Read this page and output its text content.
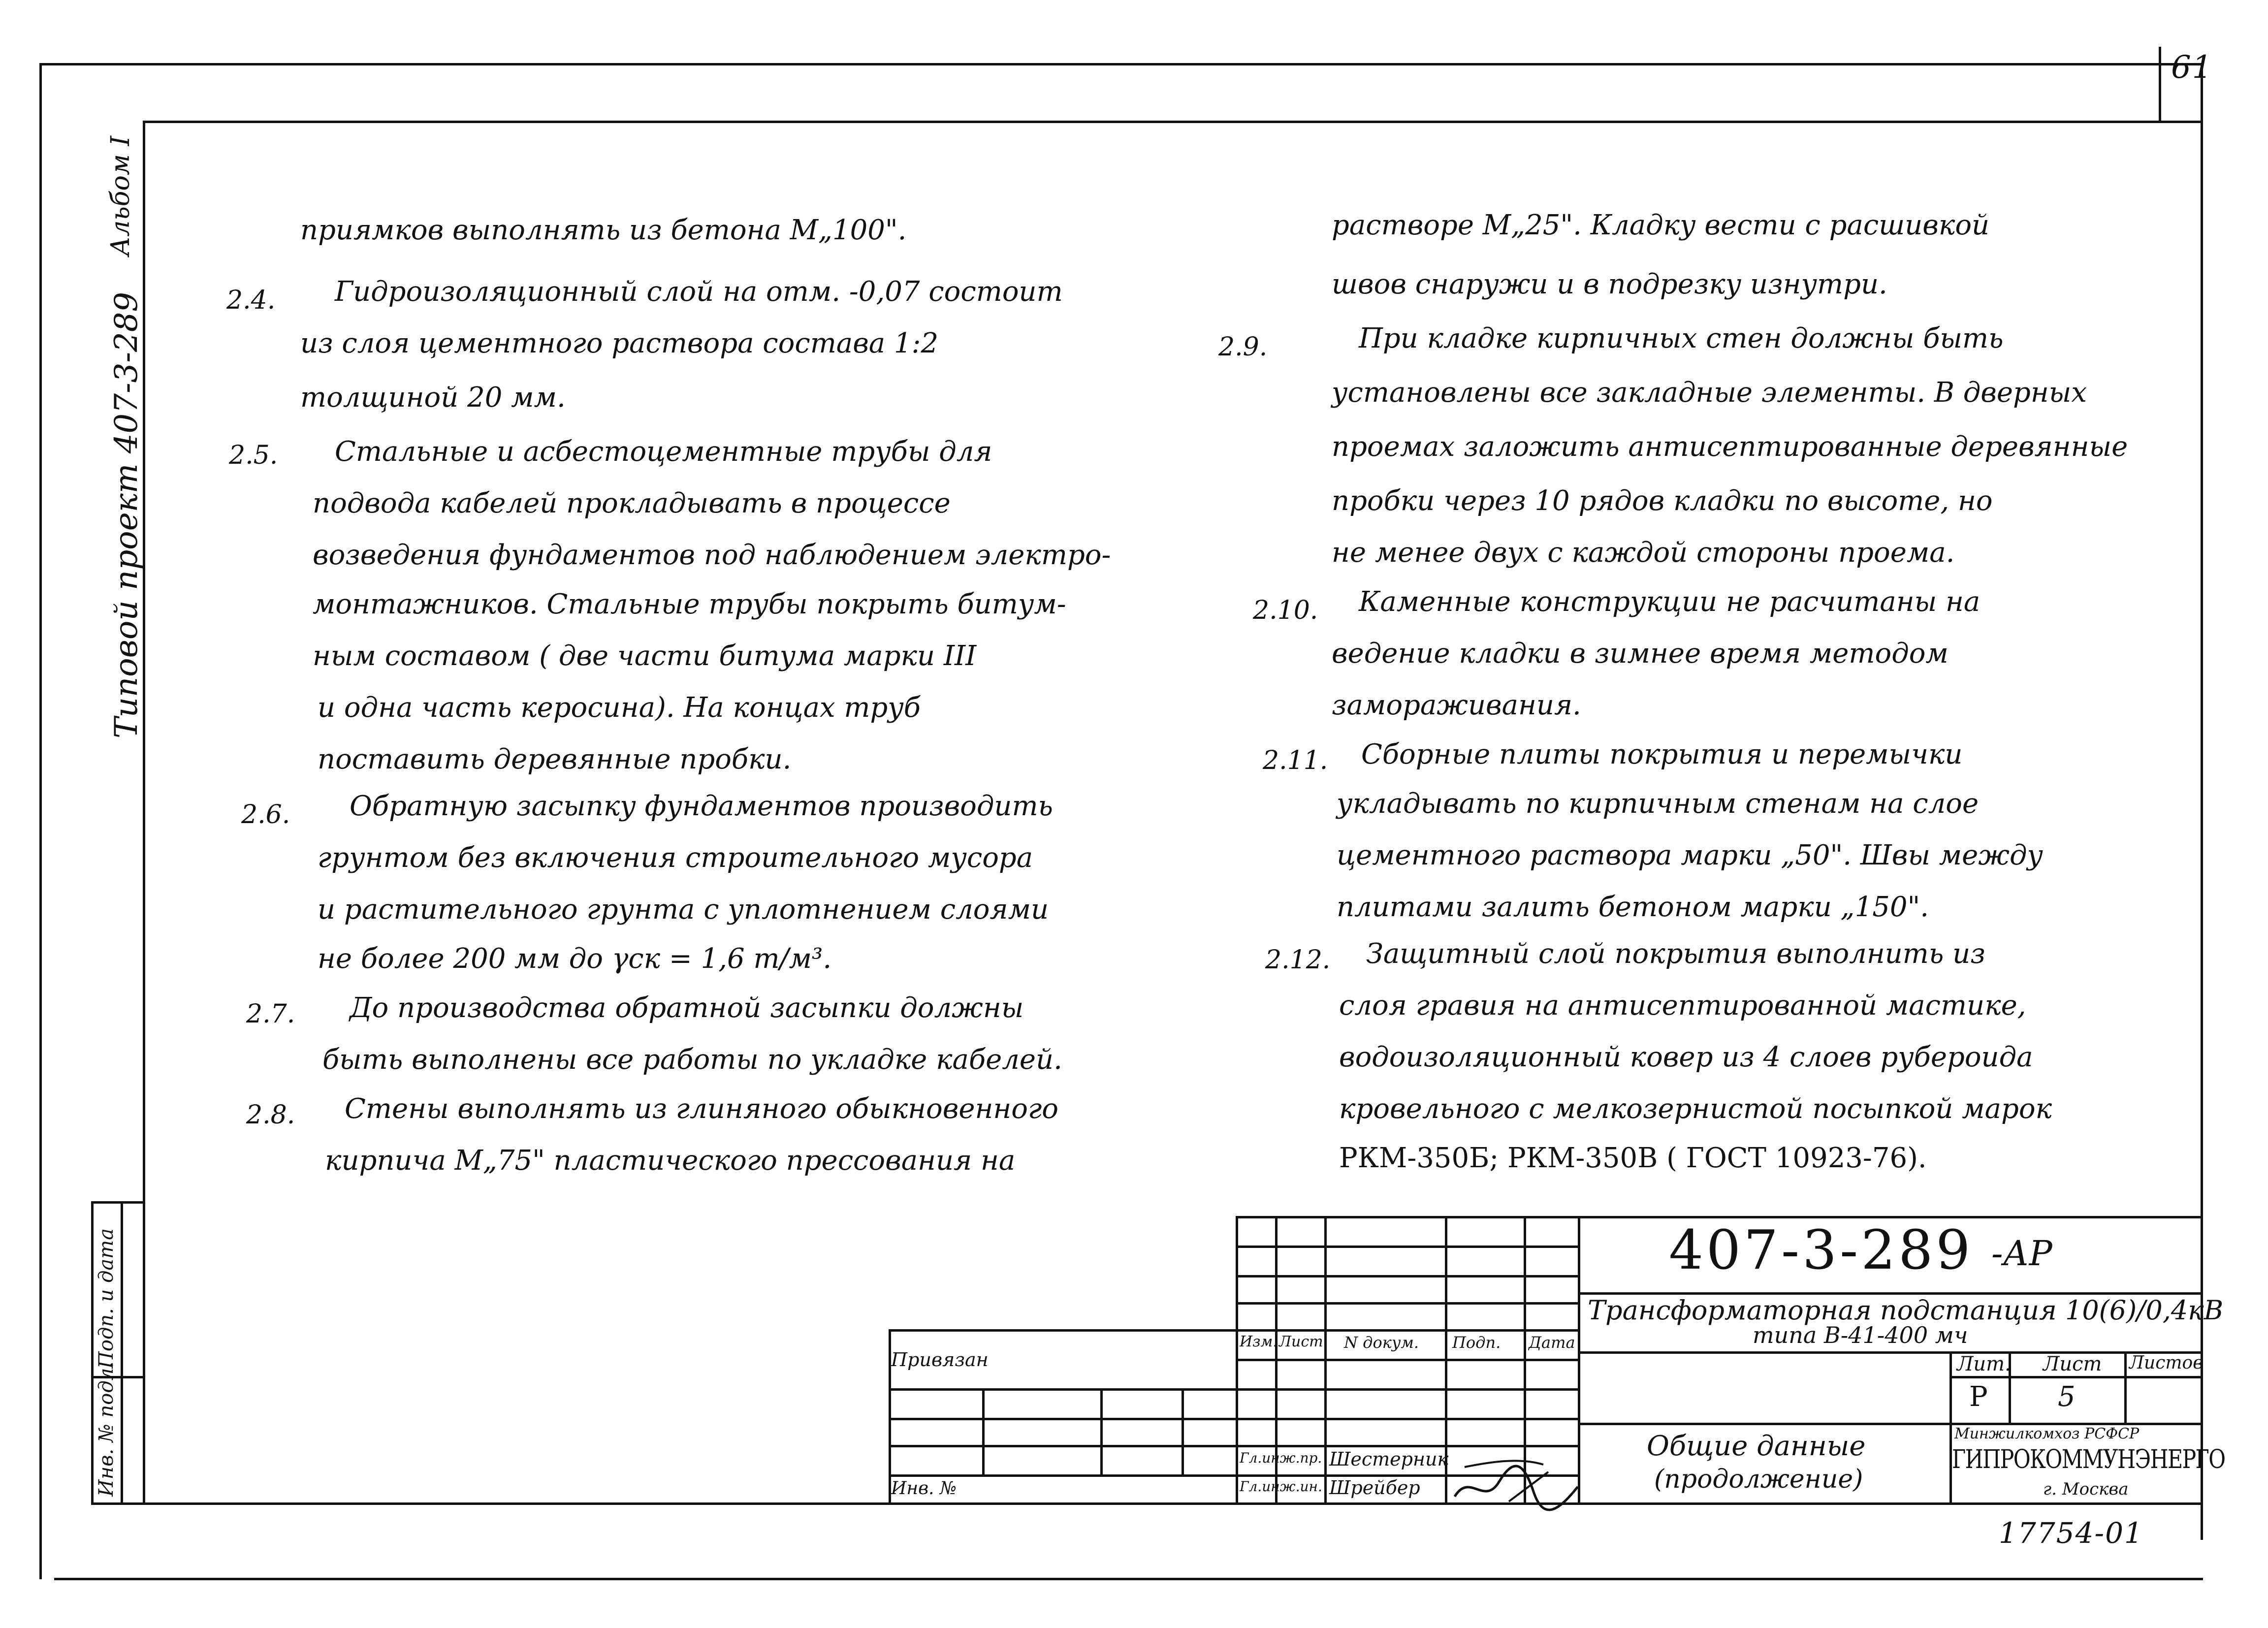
61
Альбом I
Типовой проект 407-3-289
Подп. и дата
Инв. № подл.
приямков выполнять из бетона М„100".
2.4. Гидроизоляционный слой на отм. -0,07 состоит
из слоя цементного раствора состава 1:2
толщиной 20 мм.
2.5. Стальные и асбестоцементные трубы для
подвода кабелей прокладывать в процессе
возведения фундаментов под наблюдением электро-
монтажников. Стальные трубы покрыть битум-
ным составом ( две части битума марки III
и одна часть керосина). На концах труб
поставить деревянные пробки.
2.6. Обратную засыпку фундаментов производить
грунтом без включения строительного мусора
и растительного грунта с уплотнением слоями
не более 200 мм до γск = 1,6 т/м³.
2.7. До производства обратной засыпки должны
быть выполнены все работы по укладке кабелей.
2.8. Стены выполнять из глиняного обыкновенного
кирпича М„75" пластического прессования на
растворе М„25". Кладку вести с расшивкой
швов снаружи и в подрезку изнутри.
2.9.	При кладке кирпичных стен должны быть
установлены все закладные элементы. В дверных
проемах заложить антисептированные деревянные
пробки через 10 рядов кладки по высоте, но
не менее двух с каждой стороны проема.
2.10. Каменные конструкции не расчитаны на
ведение кладки в зимнее время методом
замораживания.
2.11. Сборные плиты покрытия и перемычки
укладывать по кирпичным стенам на слое
цементного раствора марки „50". Швы между
плитами залить бетоном марки „150".
2.12. Защитный слой покрытия выполнить из
слоя гравия на антисептированной мастике,
водоизоляционный ковер из 4 слоев рубероида
кровельного с мелкозернистой посыпкой марок
РКМ-350Б; РКМ-350В ( ГОСТ 10923-76).
Изм. Лист N докум. Подп. Дата
Гл.инж.пр. Шестерник
Гл.инж.ин. Шрейбер
Привязан
Инв. №
407-3-289 -АР
Трансформаторная подстанция 10(6)/0,4кВ
типа В-41-400 мч
Лит. Лист Листов
Р	5
Общие данные
(продолжение)
Минжилкомхоз РСФСР
ГИПРОКОММУНЭНЕРГО
г. Москва
17754-01
